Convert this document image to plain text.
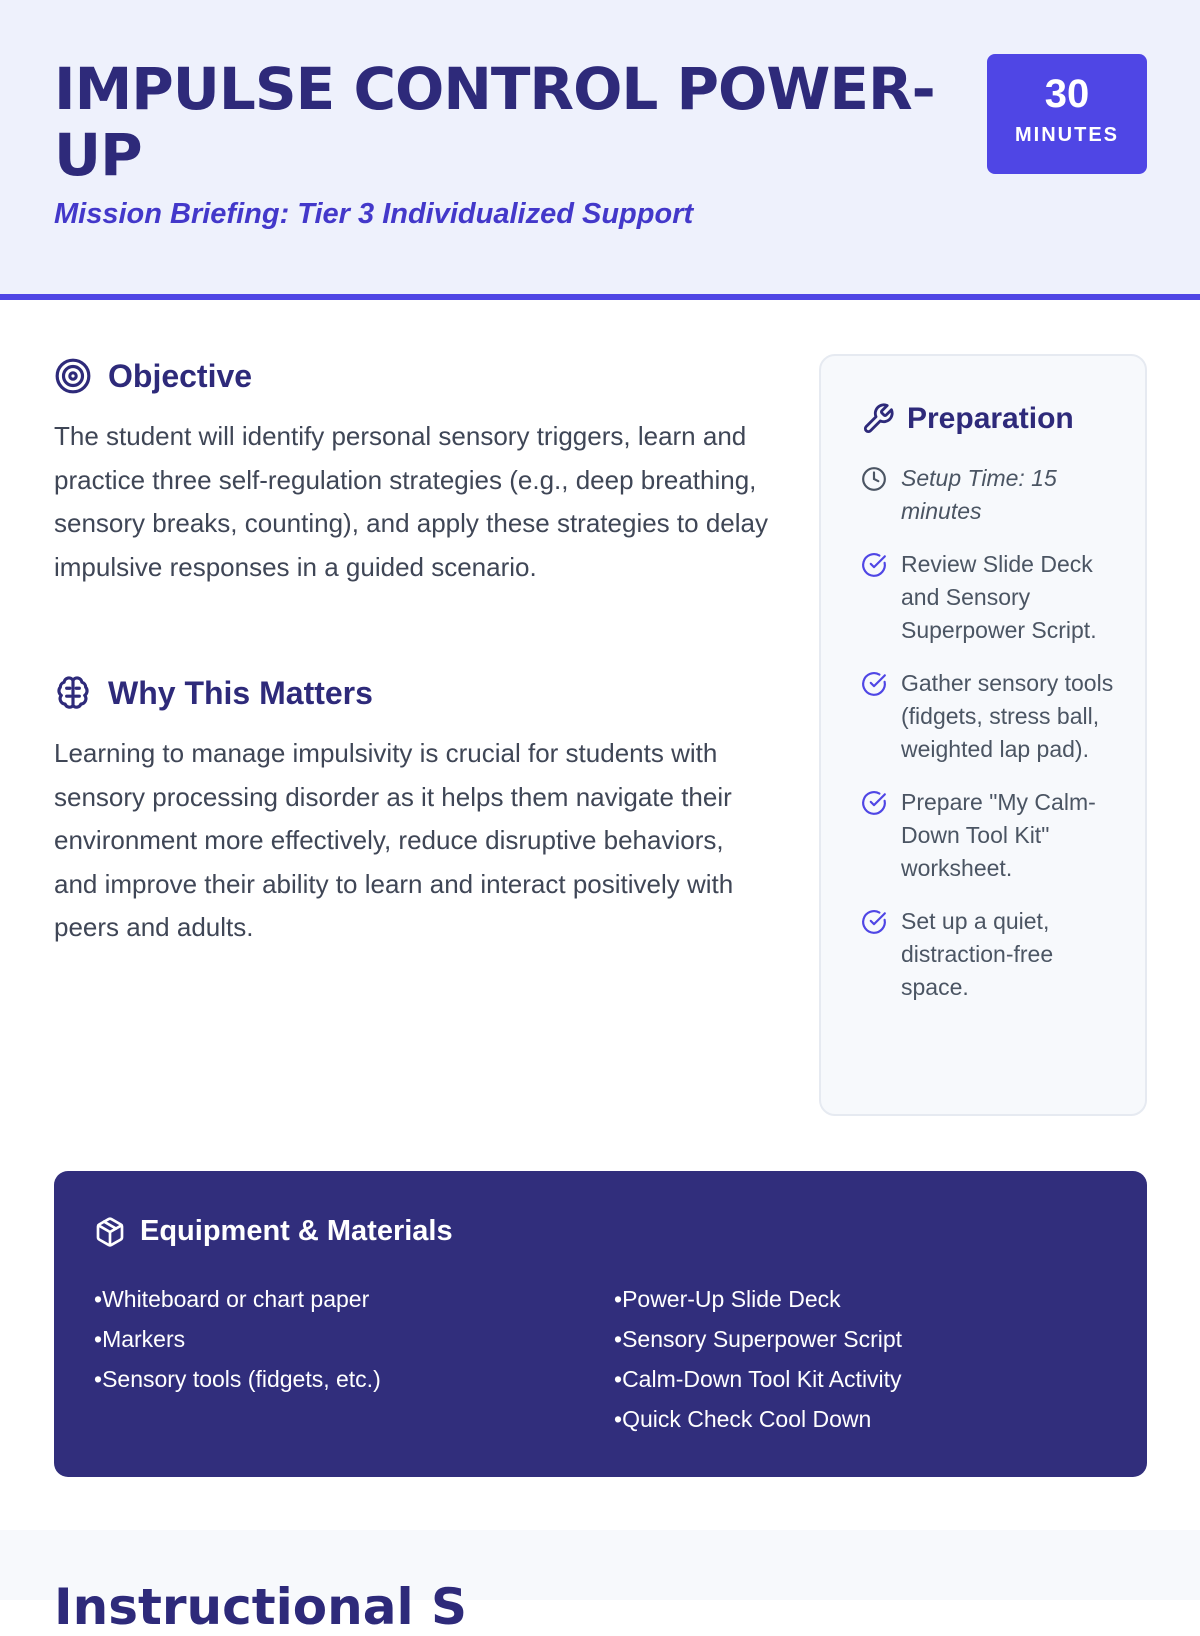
IMPULSE CONTROL POWER-UP
Mission Briefing: Tier 3 Individualized Support
30
MINUTES
Objective

The student will identify personal sensory triggers, learn and practice three self-regulation strategies (e.g., deep breathing, sensory breaks, counting), and apply these strategies to delay impulsive responses in a guided scenario.

Why This Matters

Learning to manage impulsivity is crucial for students with sensory processing disorder as it helps them navigate their environment more effectively, reduce disruptive behaviors, and improve their ability to learn and interact positively with peers and adults.

Preparation
Setup Time: 15 minutes
Review Slide Deck and Sensory Superpower Script.
Gather sensory tools (fidgets, stress ball, weighted lap pad).
Prepare "My Calm-Down Tool Kit" worksheet.
Set up a quiet, distraction-free space.
Equipment & Materials
• Whiteboard or chart paper
• Markers
• Sensory tools (fidgets, etc.)
• Power-Up Slide Deck
• Sensory Superpower Script
• Calm-Down Tool Kit Activity
• Quick Check Cool Down
Instructional S
